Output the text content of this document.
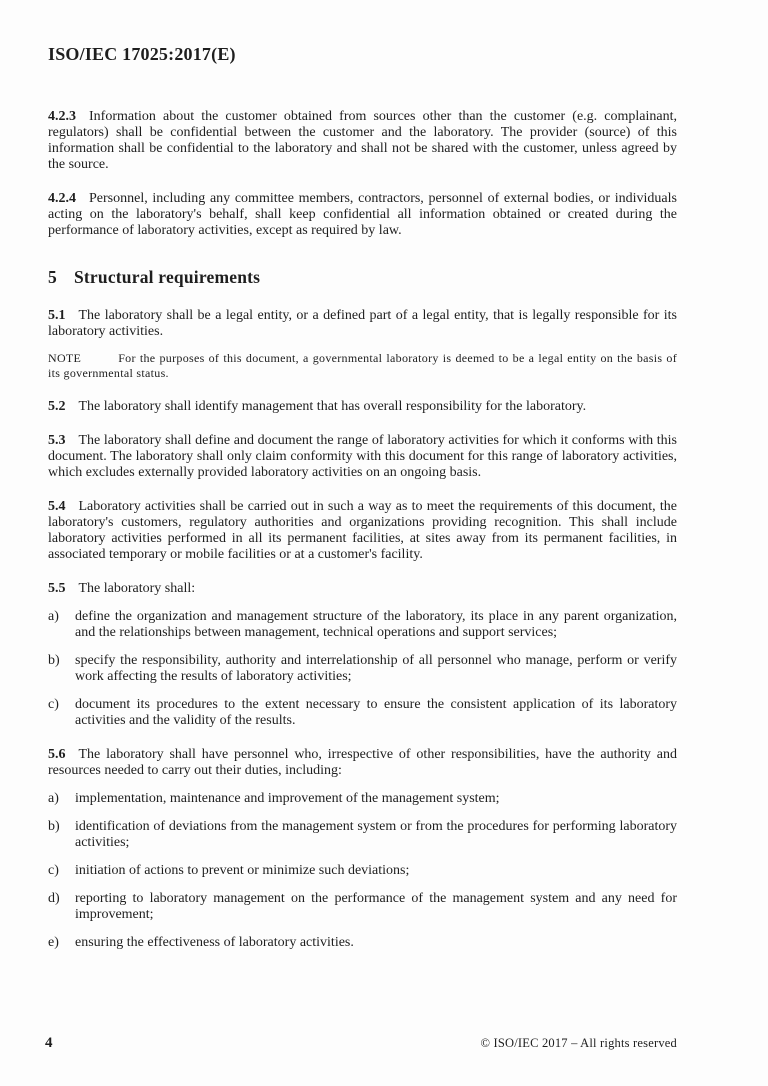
ISO/IEC 17025:2017(E)

4.2.3 Information about the customer obtained from sources other than the customer (e.g. complainant, regulators) shall be confidential between the customer and the laboratory. The provider (source) of this information shall be confidential to the laboratory and shall not be shared with the customer, unless agreed by the source.

4.2.4 Personnel, including any committee members, contractors, personnel of external bodies, or individuals acting on the laboratory's behalf, shall keep confidential all information obtained or created during the performance of laboratory activities, except as required by law.

5 Structural requirements

5.1 The laboratory shall be a legal entity, or a defined part of a legal entity, that is legally responsible for its laboratory activities.

NOTE	For the purposes of this document, a governmental laboratory is deemed to be a legal entity on the basis of its governmental status.

5.2 The laboratory shall identify management that has overall responsibility for the laboratory.

5.3 The laboratory shall define and document the range of laboratory activities for which it conforms with this document. The laboratory shall only claim conformity with this document for this range of laboratory activities, which excludes externally provided laboratory activities on an ongoing basis.

5.4 Laboratory activities shall be carried out in such a way as to meet the requirements of this document, the laboratory's customers, regulatory authorities and organizations providing recognition. This shall include laboratory activities performed in all its permanent facilities, at sites away from its permanent facilities, in associated temporary or mobile facilities or at a customer's facility.

5.5 The laboratory shall:

a) define the organization and management structure of the laboratory, its place in any parent organization, and the relationships between management, technical operations and support services;
b) specify the responsibility, authority and interrelationship of all personnel who manage, perform or verify work affecting the results of laboratory activities;
c) document its procedures to the extent necessary to ensure the consistent application of its laboratory activities and the validity of the results.

5.6 The laboratory shall have personnel who, irrespective of other responsibilities, have the authority and resources needed to carry out their duties, including:

a) implementation, maintenance and improvement of the management system;
b) identification of deviations from the management system or from the procedures for performing laboratory activities;
c) initiation of actions to prevent or minimize such deviations;
d) reporting to laboratory management on the performance of the management system and any need for improvement;
e) ensuring the effectiveness of laboratory activities.
4	© ISO/IEC 2017 – All rights reserved
